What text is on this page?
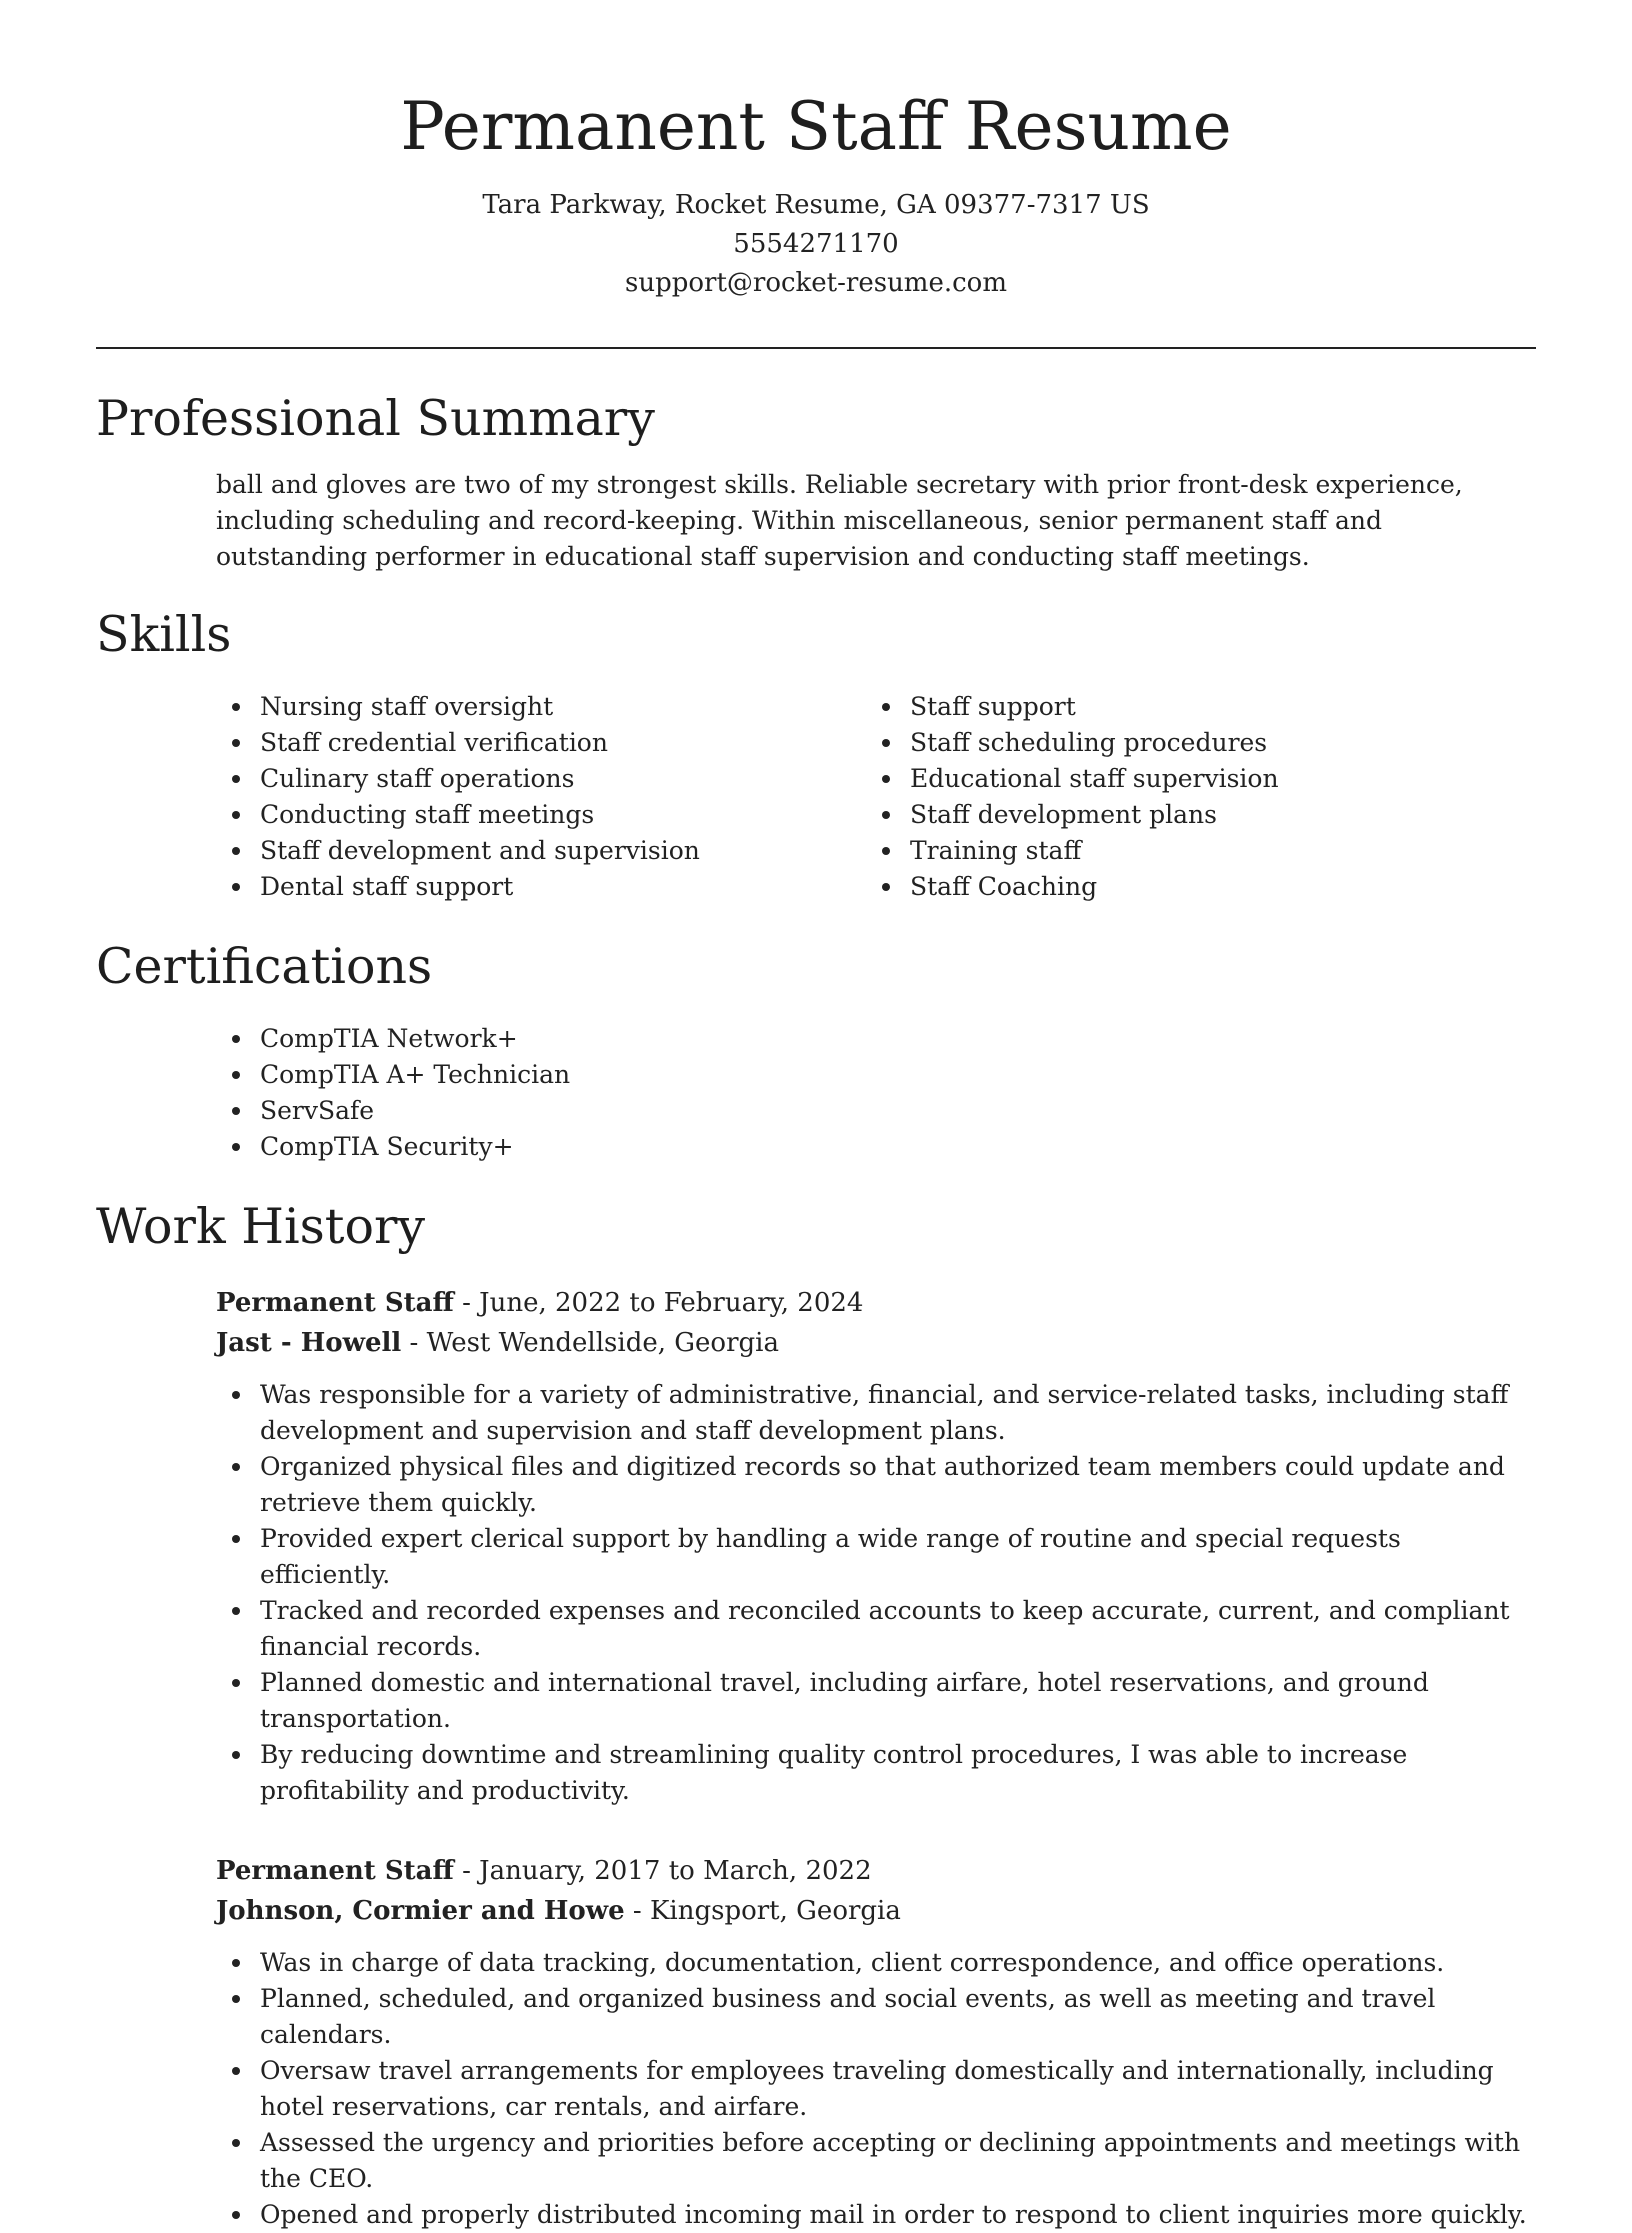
Permanent Staff Resume
Tara Parkway, Rocket Resume, GA 09377-7317 US
5554271170
support@rocket-resume.com
Professional Summary

ball and gloves are two of my strongest skills. Reliable secretary with prior front-desk experience, including scheduling and record-keeping. Within miscellaneous, senior permanent staff and outstanding performer in educational staff supervision and conducting staff meetings.

Skills
Nursing staff oversight
Staff credential verification
Culinary staff operations
Conducting staff meetings
Staff development and supervision
Dental staff support
Staff support
Staff scheduling procedures
Educational staff supervision
Staff development plans
Training staff
Staff Coaching
Certifications
CompTIA Network+
CompTIA A+ Technician
ServSafe
CompTIA Security+
Work History
Permanent Staff - June, 2022 to February, 2024
Jast - Howell - West Wendellside, Georgia
Was responsible for a variety of administrative, financial, and service-related tasks, including staff development and supervision and staff development plans.
Organized physical files and digitized records so that authorized team members could update and retrieve them quickly.
Provided expert clerical support by handling a wide range of routine and special requests efficiently.
Tracked and recorded expenses and reconciled accounts to keep accurate, current, and compliant financial records.
Planned domestic and international travel, including airfare, hotel reservations, and ground transportation.
By reducing downtime and streamlining quality control procedures, I was able to increase profitability and productivity.
Permanent Staff - January, 2017 to March, 2022
Johnson, Cormier and Howe - Kingsport, Georgia
Was in charge of data tracking, documentation, client correspondence, and office operations.
Planned, scheduled, and organized business and social events, as well as meeting and travel calendars.
Oversaw travel arrangements for employees traveling domestically and internationally, including hotel reservations, car rentals, and airfare.
Assessed the urgency and priorities before accepting or declining appointments and meetings with the CEO.
Opened and properly distributed incoming mail in order to respond to client inquiries more quickly.
